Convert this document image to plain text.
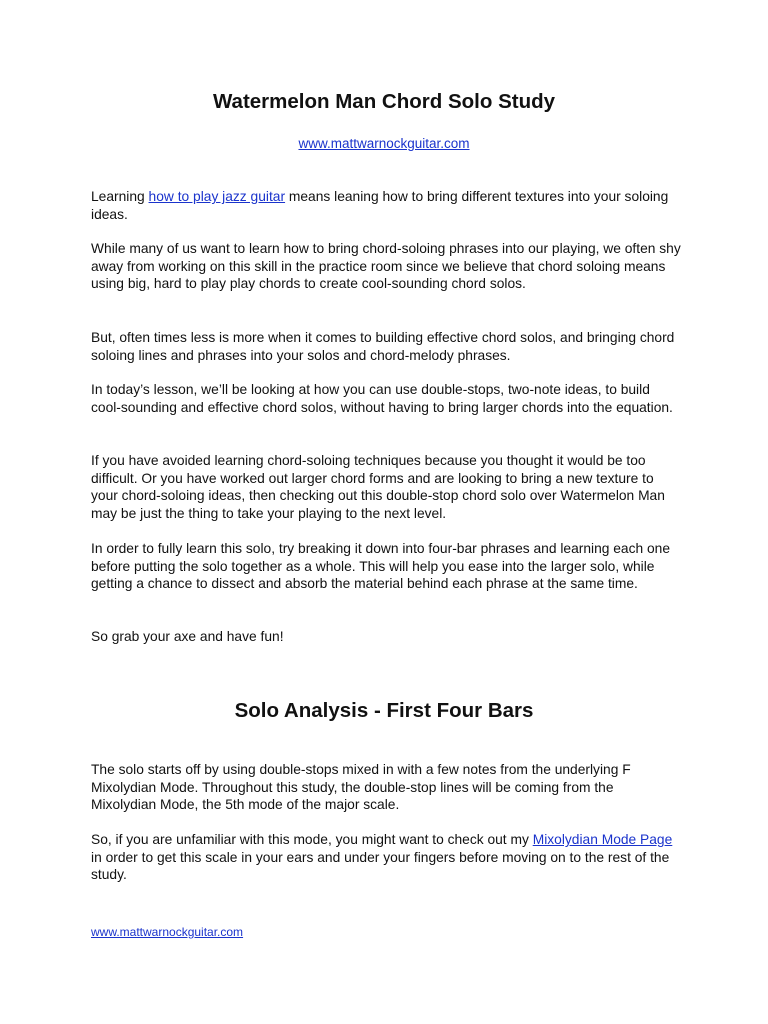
Watermelon Man Chord Solo Study
www.mattwarnockguitar.com

Learning how to play jazz guitar means leaning how to bring different textures into your soloing ideas.

While many of us want to learn how to bring chord-soloing phrases into our playing, we often shy away from working on this skill in the practice room since we believe that chord soloing means using big, hard to play play chords to create cool-sounding chord solos.

But, often times less is more when it comes to building effective chord solos, and bringing chord soloing lines and phrases into your solos and chord-melody phrases.

In today’s lesson, we’ll be looking at how you can use double-stops, two-note ideas, to build cool-sounding and effective chord solos, without having to bring larger chords into the equation.

If you have avoided learning chord-soloing techniques because you thought it would be too difficult. Or you have worked out larger chord forms and are looking to bring a new texture to your chord-soloing ideas, then checking out this double-stop chord solo over Watermelon Man may be just the thing to take your playing to the next level.

In order to fully learn this solo, try breaking it down into four-bar phrases and learning each one before putting the solo together as a whole. This will help you ease into the larger solo, while getting a chance to dissect and absorb the material behind each phrase at the same time.

So grab your axe and have fun!

Solo Analysis - First Four Bars

The solo starts off by using double-stops mixed in with a few notes from the underlying F Mixolydian Mode. Throughout this study, the double-stop lines will be coming from the Mixolydian Mode, the 5th mode of the major scale.

So, if you are unfamiliar with this mode, you might want to check out my Mixolydian Mode Page in order to get this scale in your ears and under your fingers before moving on to the rest of the study.

www.mattwarnockguitar.com
